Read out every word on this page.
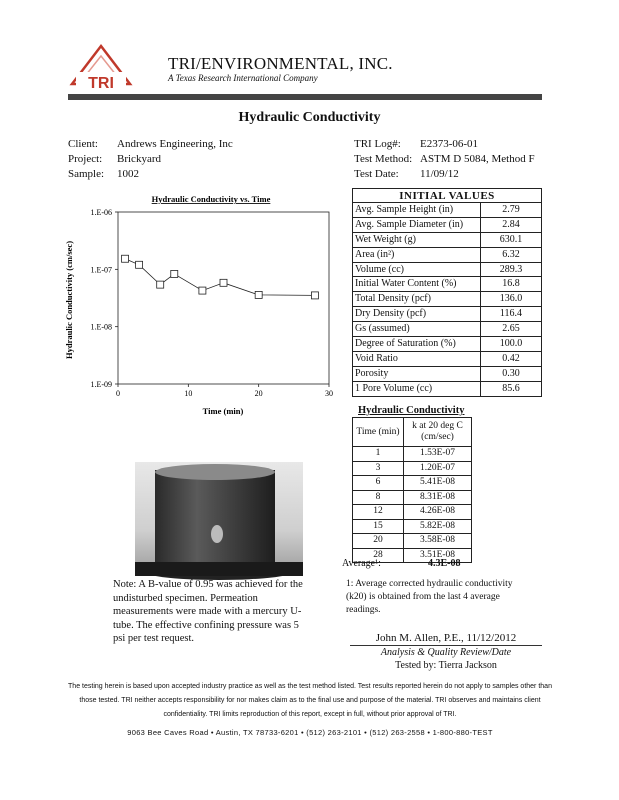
TRI
TRI/ENVIRONMENTAL, INC.
A Texas Research International Company
Hydraulic Conductivity
Client: Andrews Engineering, Inc
Project: Brickyard
Sample: 1002
TRI Log#: E2373-06-01
Test Method: ASTM D 5084, Method F
Test Date: 11/09/12
Hydraulic Conductivity vs. Time
1.E-06
1.E-07
1.E-08
1.E-09
0	10	20	30
Hydraulic Conductivity (cm/sec)
Time (min)
INITIAL VALUES	
Avg. Sample Height (in)	2.79
Avg. Sample Diameter (in)	2.84
Wet Weight (g)	630.1
Area (in²)	6.32
Volume (cc)	289.3
Initial Water Content (%)	16.8
Total Density (pcf)	136.0
Dry Density (pcf)	116.4
Gs (assumed)	2.65
Degree of Saturation (%)	100.0
Void Ratio	0.42
Porosity	0.30
1 Pore Volume (cc)	85.6
Hydraulic Conductivity
Time (min)	k at 20 deg C (cm/sec)
1	1.53E-07
3	1.20E-07
6	5.41E-08
8	8.31E-08
12	4.26E-08
15	5.82E-08
20	3.58E-08
28	3.51E-08
Average¹:	4.3E-08
Note: A B-value of 0.95 was achieved for the undisturbed specimen. Permeation measurements were made with a mercury U-tube. The effective confining pressure was 5 psi per test request.
1: Average corrected hydraulic conductivity (k20) is obtained from the last 4 average readings.
John M. Allen, P.E., 11/12/2012
Analysis & Quality Review/Date
Tested by: Tierra Jackson
The testing herein is based upon accepted industry practice as well as the test method listed. Test results reported herein do not apply to samples other than those tested. TRI neither accepts responsibility for nor makes claim as to the final use and purpose of the material. TRI observes and maintains client confidentiality. TRI limits reproduction of this report, except in full, without prior approval of TRI.
9063 Bee Caves Road • Austin, TX 78733-6201 • (512) 263-2101 • (512) 263-2558 • 1-800-880-TEST
